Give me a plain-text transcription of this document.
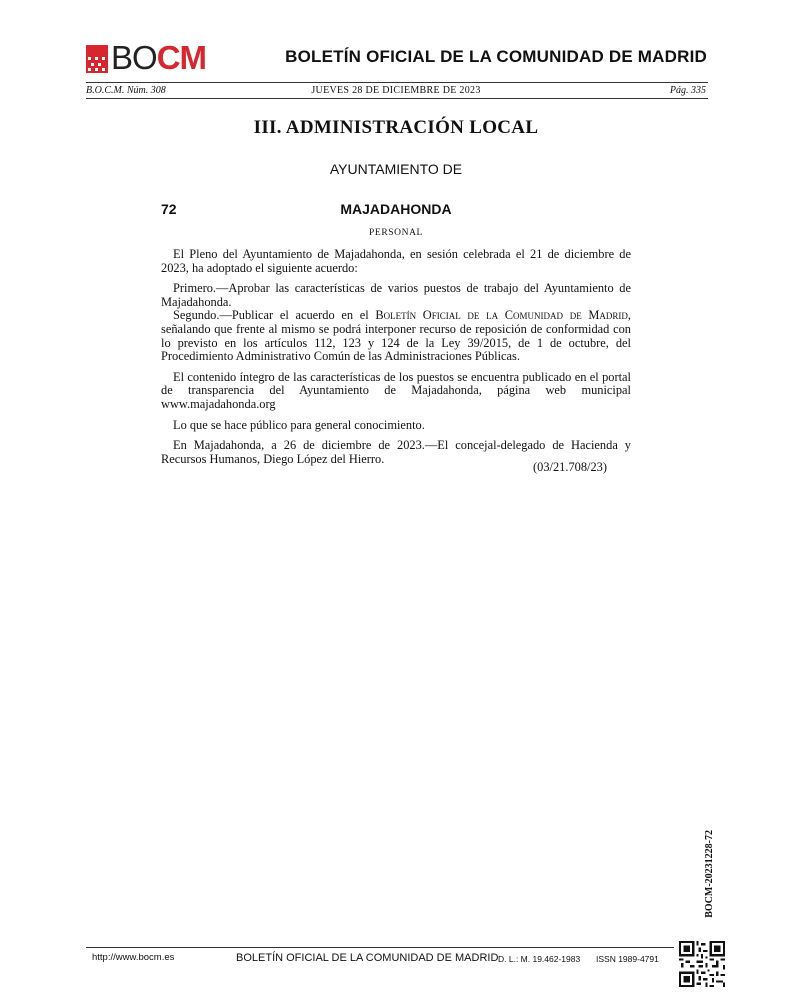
BOCM	BOLETÍN OFICIAL DE LA COMUNIDAD DE MADRID
B.O.C.M. Núm. 308	JUEVES 28 DE DICIEMBRE DE 2023	Pág. 335
III. ADMINISTRACIÓN LOCAL
AYUNTAMIENTO DE
72	MAJADAHONDA
PERSONAL

El Pleno del Ayuntamiento de Majadahonda, en sesión celebrada el 21 de diciembre de 2023, ha adoptado el siguiente acuerdo:

Primero.—Aprobar las características de varios puestos de trabajo del Ayuntamiento de Majadahonda.

Segundo.—Publicar el acuerdo en el Boletín Oficial de la Comunidad de Madrid, señalando que frente al mismo se podrá interponer recurso de reposición de conformidad con lo previsto en los artículos 112, 123 y 124 de la Ley 39/2015, de 1 de octubre, del Procedimiento Administrativo Común de las Administraciones Públicas.

El contenido íntegro de las características de los puestos se encuentra publicado en el portal de transparencia del Ayuntamiento de Majadahonda, página web municipal www.majadahonda.org

Lo que se hace público para general conocimiento.

En Majadahonda, a 26 de diciembre de 2023.—El concejal-delegado de Hacienda y Recursos Humanos, Diego López del Hierro.

(03/21.708/23)
BOCM-20231228-72
http://www.bocm.es	BOLETÍN OFICIAL DE LA COMUNIDAD DE MADRID D. L.: M. 19.462-1983 ISSN 1989-4791
